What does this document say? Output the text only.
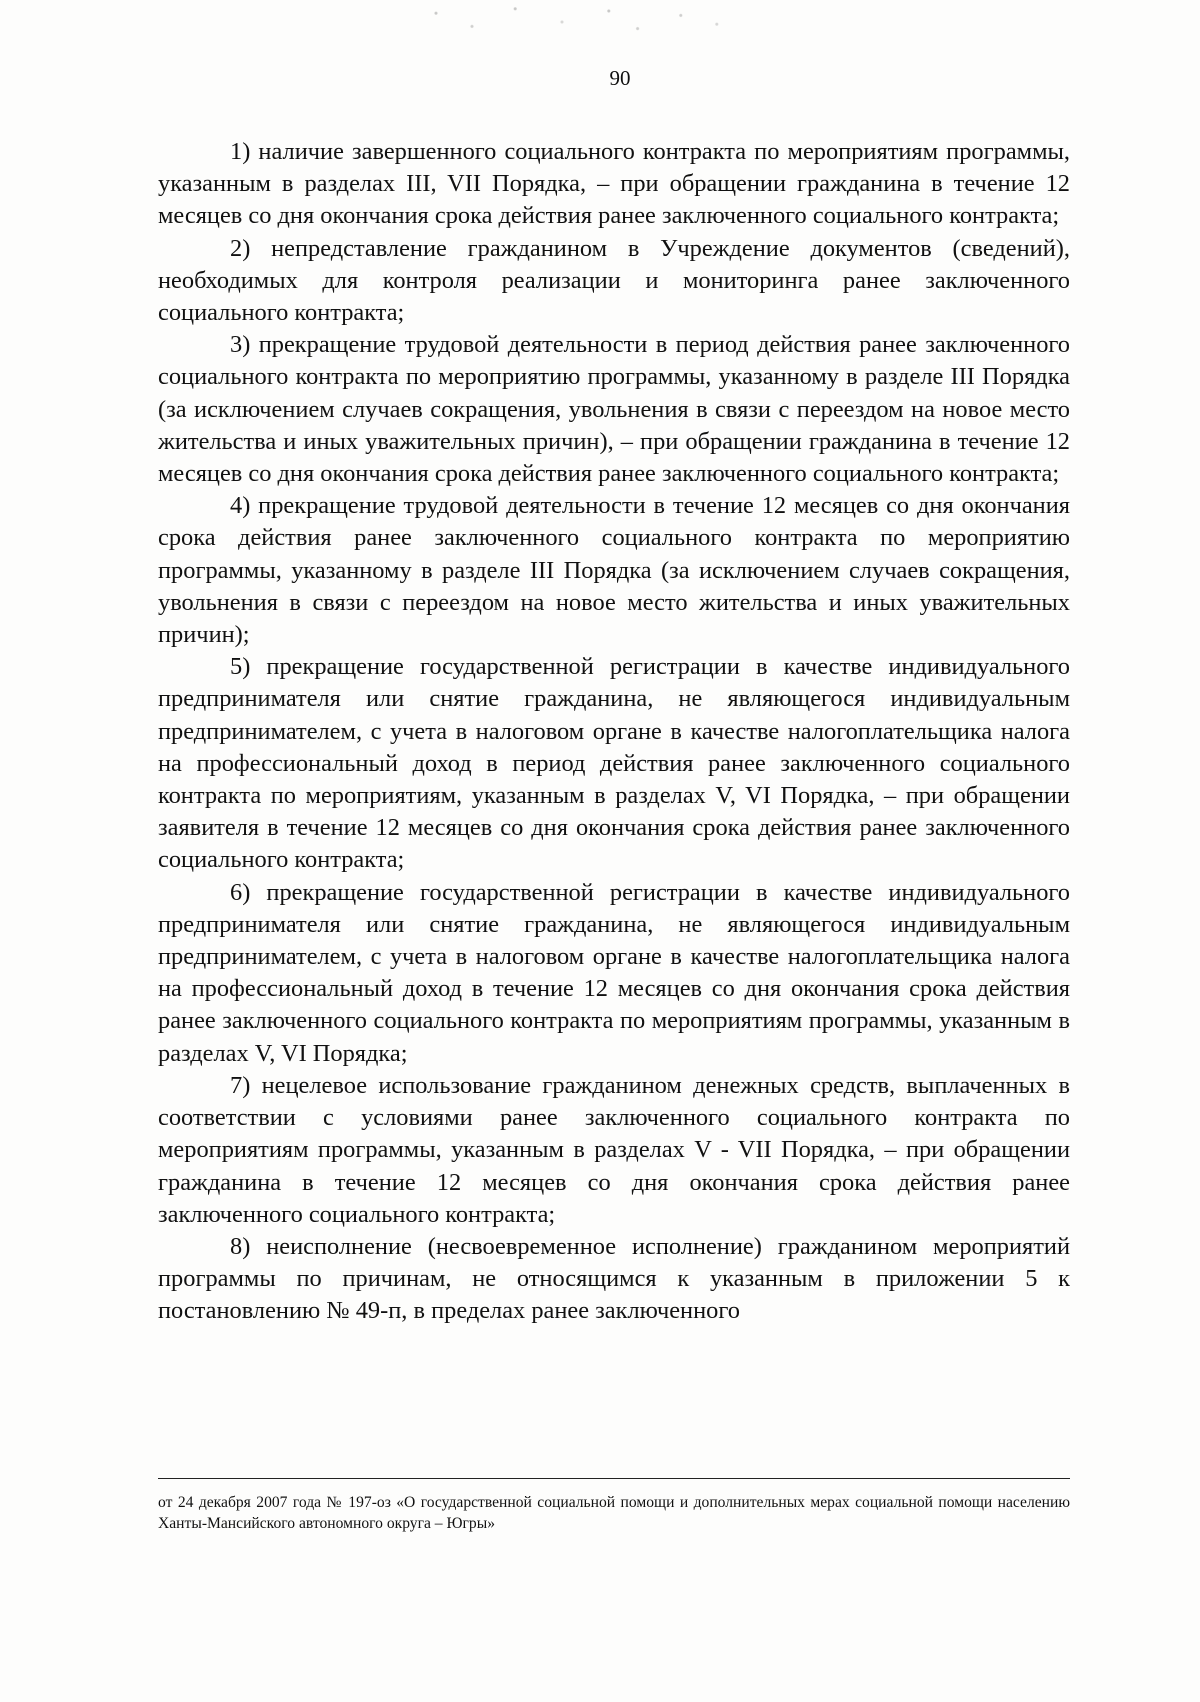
90

1) наличие завершенного социального контракта по мероприятиям программы, указанным в разделах III, VII Порядка, – при обращении гражданина в течение 12 месяцев со дня окончания срока действия ранее заключенного социального контракта;

2) непредставление гражданином в Учреждение документов (сведений), необходимых для контроля реализации и мониторинга ранее заключенного социального контракта;

3) прекращение трудовой деятельности в период действия ранее заключенного социального контракта по мероприятию программы, указанному в разделе III Порядка (за исключением случаев сокращения, увольнения в связи с переездом на новое место жительства и иных уважительных причин), – при обращении гражданина в течение 12 месяцев со дня окончания срока действия ранее заключенного социального контракта;

4) прекращение трудовой деятельности в течение 12 месяцев со дня окончания срока действия ранее заключенного социального контракта по мероприятию программы, указанному в разделе III Порядка (за исключением случаев сокращения, увольнения в связи с переездом на новое место жительства и иных уважительных причин);

5) прекращение государственной регистрации в качестве индивидуального предпринимателя или снятие гражданина, не являющегося индивидуальным предпринимателем, с учета в налоговом органе в качестве налогоплательщика налога на профессиональный доход в период действия ранее заключенного социального контракта по мероприятиям, указанным в разделах V, VI Порядка, – при обращении заявителя в течение 12 месяцев со дня окончания срока действия ранее заключенного социального контракта;

6) прекращение государственной регистрации в качестве индивидуального предпринимателя или снятие гражданина, не являющегося индивидуальным предпринимателем, с учета в налоговом органе в качестве налогоплательщика налога на профессиональный доход в течение 12 месяцев со дня окончания срока действия ранее заключенного социального контракта по мероприятиям программы, указанным в разделах V, VI Порядка;

7) нецелевое использование гражданином денежных средств, выплаченных в соответствии с условиями ранее заключенного социального контракта по мероприятиям программы, указанным в разделах V - VII Порядка, – при обращении гражданина в течение 12 месяцев со дня окончания срока действия ранее заключенного социального контракта;

8) неисполнение (несвоевременное исполнение) гражданином мероприятий программы по причинам, не относящимся к указанным в приложении 5 к постановлению № 49-п, в пределах ранее заключенного

от 24 декабря 2007 года № 197-оз «О государственной социальной помощи и дополнительных мерах социальной помощи населению Ханты-Мансийского автономного округа – Югры»
